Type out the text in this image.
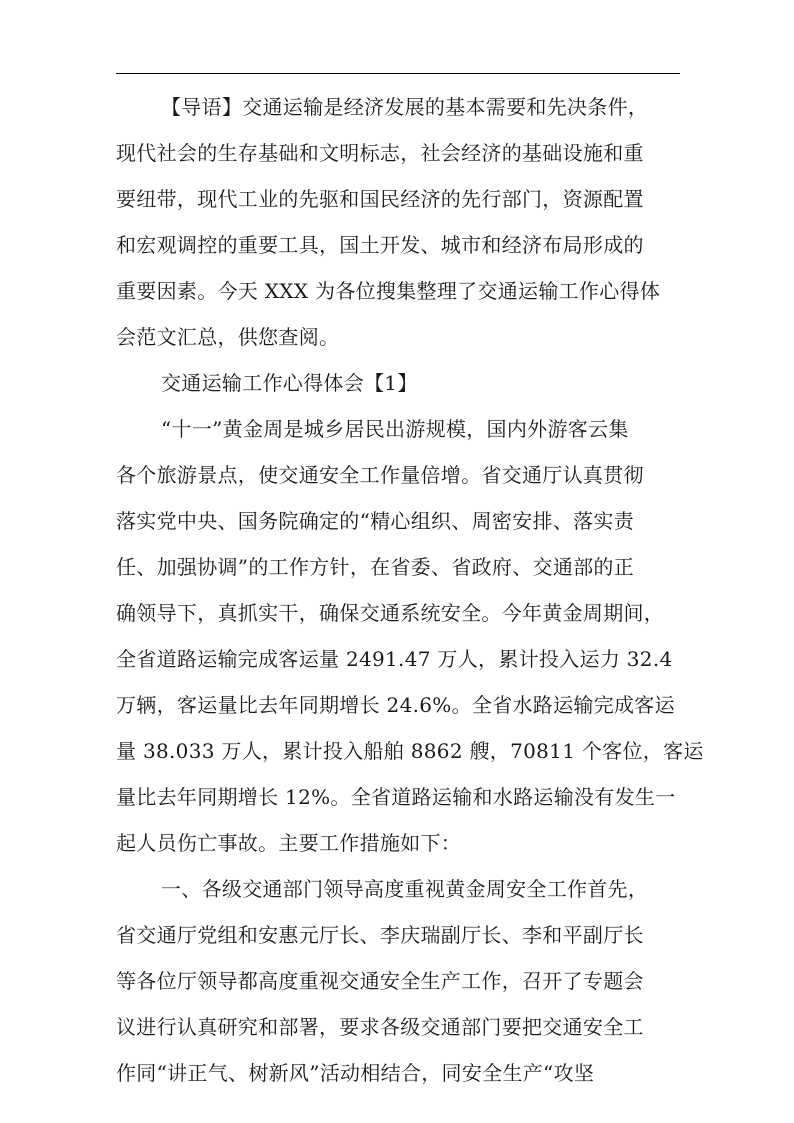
【导语】交通运输是经济发展的基本需要和先决条件，
现代社会的生存基础和文明标志，社会经济的基础设施和重
要纽带，现代工业的先驱和国民经济的先行部门，资源配置
和宏观调控的重要工具，国土开发、城市和经济布局形成的
重要因素。今天 XXX 为各位搜集整理了交通运输工作心得体
会范文汇总，供您查阅。
交通运输工作心得体会【1】
“十一”黄金周是城乡居民出游规模，国内外游客云集
各个旅游景点，使交通安全工作量倍增。省交通厅认真贯彻
落实党中央、国务院确定的“精心组织、周密安排、落实责
任、加强协调”的工作方针，在省委、省政府、交通部的正
确领导下，真抓实干，确保交通系统安全。今年黄金周期间，
全省道路运输完成客运量 2491.47 万人，累计投入运力 32.4
万辆，客运量比去年同期增长 24.6%。全省水路运输完成客运
量 38.033 万人，累计投入船舶 8862 艘，70811 个客位，客运
量比去年同期增长 12%。全省道路运输和水路运输没有发生一
起人员伤亡事故。主要工作措施如下：
一、各级交通部门领导高度重视黄金周安全工作首先，
省交通厅党组和安惠元厅长、李庆瑞副厅长、李和平副厅长
等各位厅领导都高度重视交通安全生产工作，召开了专题会
议进行认真研究和部署，要求各级交通部门要把交通安全工
作同“讲正气、树新风”活动相结合，同安全生产“攻坚
